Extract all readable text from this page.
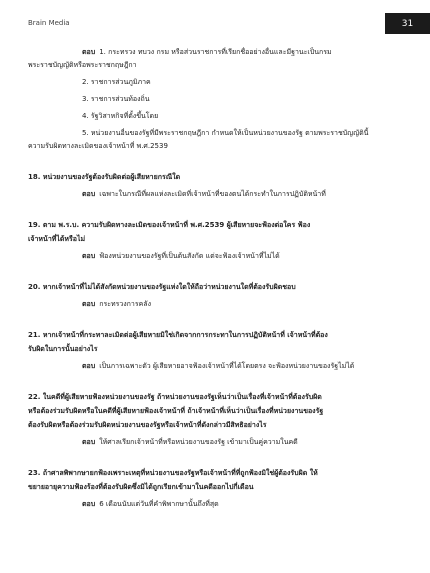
Brain Media	31
ตอบ 1. กระทรวง ทบวง กรม หรือส่วนราชการที่เรียกชื่ออย่างอื่นและมีฐานะเป็นกรม
พระราชบัญญัติหรือพระราชกฤษฎีกา
2. ราชการส่วนภูมิภาค
3. ราชการส่วนท้องถิ่น
4. รัฐวิสาหกิจที่ตั้งขึ้นโดย
5. หน่วยงานอื่นของรัฐที่มีพระราชกฤษฎีกา กำหนดให้เป็นหน่วยงานของรัฐ ตามพระราชบัญญัตินี้
ความรับผิดทางละเมิดของเจ้าหน้าที่ พ.ศ.2539
18. หน่วยงานของรัฐต้องรับผิดต่อผู้เสียหายกรณีใด
ตอบ เฉพาะในกรณีที่ผลแห่งละเมิดที่เจ้าหน้าที่ของตนได้กระทำในการปฏิบัติหน้าที่
19. ตาม พ.ร.บ. ความรับผิดทางละเมิดของเจ้าหน้าที่ พ.ศ.2539 ผู้เสียหายจะฟ้องต่อใคร ฟ้อง
เจ้าหน้าที่ได้หรือไม่
ตอบ ฟ้องหน่วยงานของรัฐที่เป็นต้นสังกัด แต่จะฟ้องเจ้าหน้าที่ไม่ได้
20. หากเจ้าหน้าที่ไม่ได้สังกัดหน่วยงานของรัฐแห่งใดให้ถือว่าหน่วยงานใดที่ต้องรับผิดชอบ
ตอบ กระทรวงการคลัง
21. หากเจ้าหน้าที่กระทาละเมิดต่อผู้เสียหายมิใช่เกิดจากการกระทาในการปฏิบัติหน้าที่ เจ้าหน้าที่ต้อง
รับผิดในการนั้นอย่างไร
ตอบ เป็นการเฉพาะตัว ผู้เสียหายอาจฟ้องเจ้าหน้าที่ได้โดยตรง จะฟ้องหน่วยงานของรัฐไม่ได้
22. ในคดีที่ผู้เสียหายฟ้องหน่วยงานของรัฐ ถ้าหน่วยงานของรัฐเห็นว่าเป็นเรื่องที่เจ้าหน้าที่ต้องรับผิด
หรือต้องร่วมรับผิดหรือในคดีที่ผู้เสียหายฟ้องเจ้าหน้าที่ ถ้าเจ้าหน้าที่เห็นว่าเป็นเรื่องที่หน่วยงานของรัฐ
ต้องรับผิดหรือต้องร่วมรับผิดหน่วยงานของรัฐหรือเจ้าหน้าที่ดังกล่าวมีสิทธิอย่างไร
ตอบ ให้ศาลเรียกเจ้าหน้าที่หรือหน่วยงานของรัฐ เข้ามาเป็นคู่ความในคดี
23. ถ้าศาลพิพากษายกฟ้องเพราะเหตุที่หน่วยงานของรัฐหรือเจ้าหน้าที่ที่ถูกฟ้องมิใช่ผู้ต้องรับผิด ให้
ขยายอายุความฟ้องร้องที่ต้องรับผิดซึ่งมิได้ถูกเรียกเข้ามาในคดีออกไปกี่เดือน
ตอบ 6 เดือนนับแต่วันที่คำพิพากษานั้นถึงที่สุด
